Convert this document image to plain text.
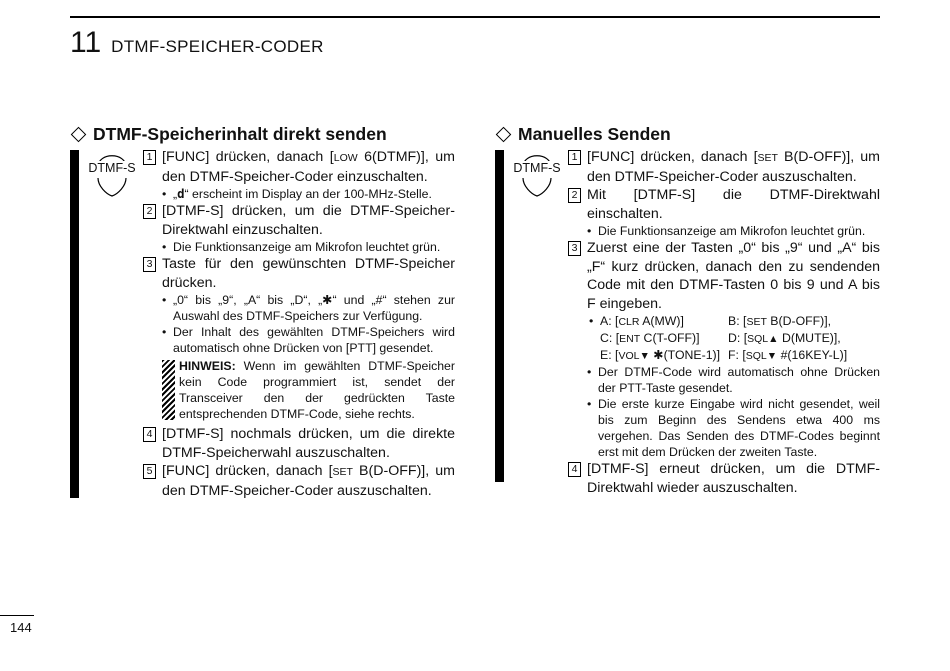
11 DTMF-SPEICHER-CODER
DTMF-Speicherinhalt direkt senden
DTMF-S
1 [FUNC] drücken, danach [LOW 6(DTMF)], um den DTMF-Speicher-Coder einzuschalten.
• „d“ erscheint im Display an der 100-MHz-Stelle.
2 [DTMF-S] drücken, um die DTMF-Speicher-Direktwahl einzuschalten.
• Die Funktionsanzeige am Mikrofon leuchtet grün.
3 Taste für den gewünschten DTMF-Speicher drücken.
• „0“ bis „9“, „A“ bis „D“, „✱“ und „#“ stehen zur Auswahl des DTMF-Speichers zur Verfügung.
• Der Inhalt des gewählten DTMF-Speichers wird automatisch ohne Drücken von [PTT] gesendet.
HINWEIS: Wenn im gewählten DTMF-Speicher kein Code programmiert ist, sendet der Transceiver den der gedrückten Taste entsprechenden DTMF-Code, siehe rechts.
4 [DTMF-S] nochmals drücken, um die direkte DTMF-Speicherwahl auszuschalten.
5 [FUNC] drücken, danach [SET B(D-OFF)], um den DTMF-Speicher-Coder auszuschalten.
Manuelles Senden
DTMF-S
1 [FUNC] drücken, danach [SET B(D-OFF)], um den DTMF-Speicher-Coder auszuschalten.
2 Mit [DTMF-S] die DTMF-Direktwahl einschalten.
• Die Funktionsanzeige am Mikrofon leuchtet grün.
3 Zuerst eine der Tasten „0“ bis „9“ und „A“ bis „F“ kurz drücken, danach den zu sendenden Code mit den DTMF-Tasten 0 bis 9 und A bis F eingeben.
• A: [CLR A(MW)]	B: [SET B(D-OFF)],
C: [ENT C(T-OFF)]	D: [SQL▲ D(MUTE)],
E: [VOL▼ ✱(TONE-1)] F: [SQL▼ #(16KEY-L)]
• Der DTMF-Code wird automatisch ohne Drücken der PTT-Taste gesendet.
• Die erste kurze Eingabe wird nicht gesendet, weil bis zum Beginn des Sendens etwa 400 ms vergehen. Das Senden des DTMF-Codes beginnt erst mit dem Drücken der zweiten Taste.
4 [DTMF-S] erneut drücken, um die DTMF-Direktwahl wieder auszuschalten.
144
